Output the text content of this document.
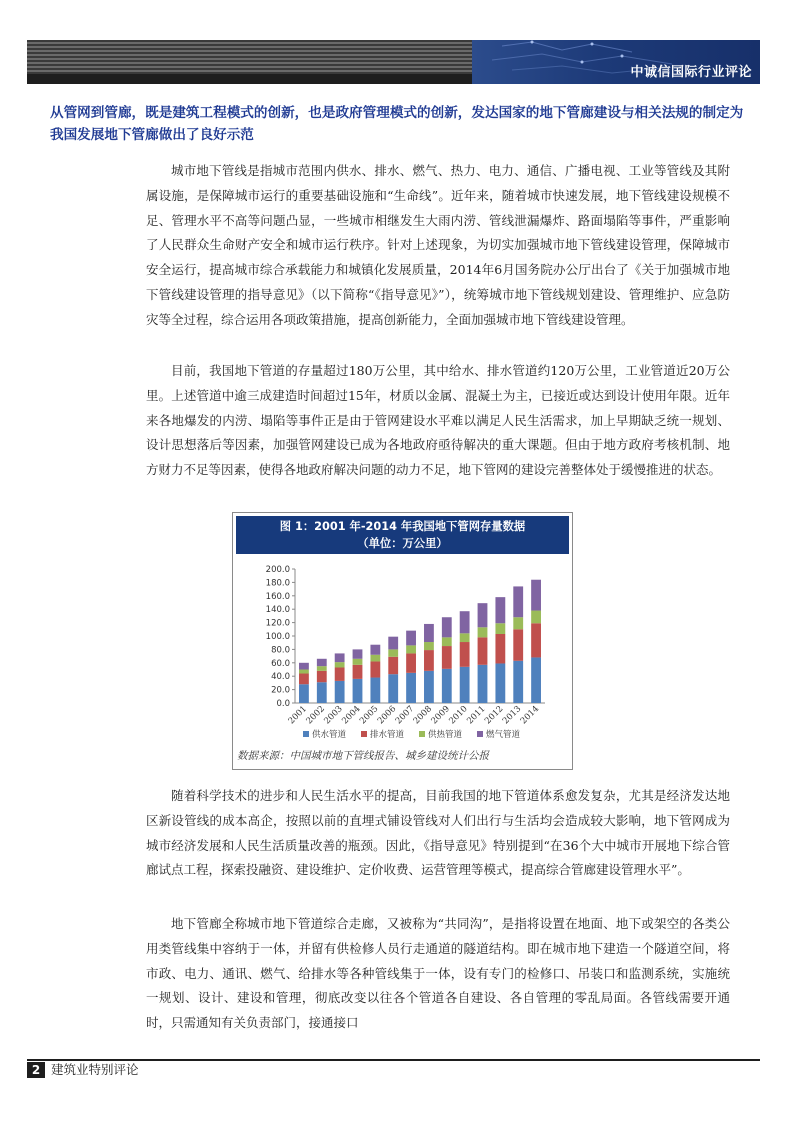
中诚信国际行业评论
从管网到管廊，既是建筑工程模式的创新，也是政府管理模式的创新，发达国家的地下管廊建设与相关法规的制定为我国发展地下管廊做出了良好示范
城市地下管线是指城市范围内供水、排水、燃气、热力、电力、通信、广播电视、工业等管线及其附属设施，是保障城市运行的重要基础设施和“生命线”。近年来，随着城市快速发展，地下管线建设规模不足、管理水平不高等问题凸显，一些城市相继发生大雨内涝、管线泄漏爆炸、路面塌陷等事件，严重影响了人民群众生命财产安全和城市运行秩序。针对上述现象，为切实加强城市地下管线建设管理，保障城市安全运行，提高城市综合承载能力和城镇化发展质量，2014年6月国务院办公厅出台了《关于加强城市地下管线建设管理的指导意见》（以下简称“《指导意见》”），统筹城市地下管线规划建设、管理维护、应急防灾等全过程，综合运用各项政策措施，提高创新能力，全面加强城市地下管线建设管理。
目前，我国地下管道的存量超过180万公里，其中给水、排水管道约120万公里，工业管道近20万公里。上述管道中逾三成建造时间超过15年，材质以金属、混凝土为主，已接近或达到设计使用年限。近年来各地爆发的内涝、塌陷等事件正是由于管网建设水平难以满足人民生活需求，加上早期缺乏统一规划、设计思想落后等因素，加强管网建设已成为各地政府亟待解决的重大课题。但由于地方政府考核机制、地方财力不足等因素，使得各地政府解决问题的动力不足，地下管网的建设完善整体处于缓慢推进的状态。
图 1：2001 年-2014 年我国地下管网存量数据
（单位：万公里）
0.0
20.0
40.0
60.0
80.0
100.0
120.0
140.0
160.0
180.0
200.0
2001
2002
2003
2004
2005
2006
2007
2008
2009
2010
2011
2012
2013
2014
供水管道	排水管道	供热管道	燃气管道
数据来源：中国城市地下管线报告、城乡建设统计公报
随着科学技术的进步和人民生活水平的提高，目前我国的地下管道体系愈发复杂，尤其是经济发达地区新设管线的成本高企，按照以前的直埋式铺设管线对人们出行与生活均会造成较大影响，地下管网成为城市经济发展和人民生活质量改善的瓶颈。因此，《指导意见》特别提到“在36个大中城市开展地下综合管廊试点工程，探索投融资、建设维护、定价收费、运营管理等模式，提高综合管廊建设管理水平”。
地下管廊全称城市地下管道综合走廊，又被称为“共同沟”，是指将设置在地面、地下或架空的各类公用类管线集中容纳于一体，并留有供检修人员行走通道的隧道结构。即在城市地下建造一个隧道空间，将市政、电力、通讯、燃气、给排水等各种管线集于一体，设有专门的检修口、吊装口和监测系统，实施统一规划、设计、建设和管理，彻底改变以往各个管道各自建设、各自管理的零乱局面。各管线需要开通时，只需通知有关负责部门，接通接口
2 建筑业特别评论
